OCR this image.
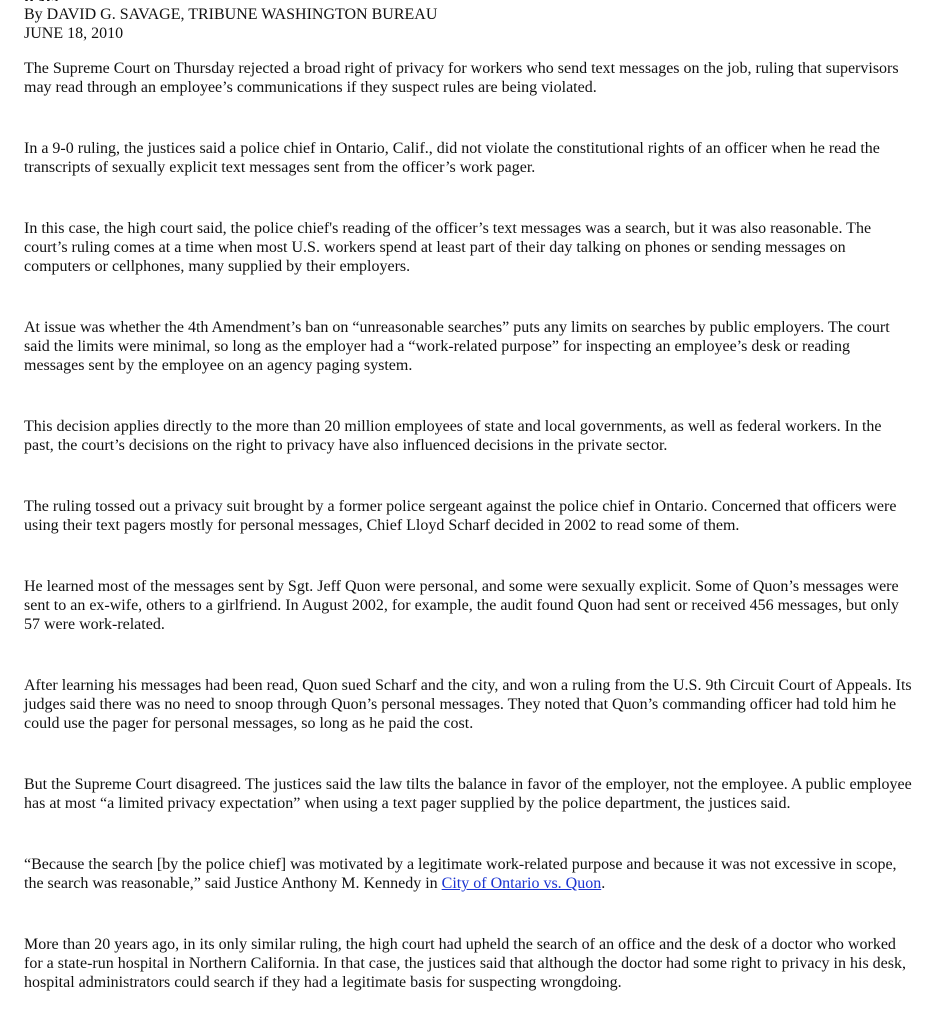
By DAVID G. SAVAGE, TRIBUNE WASHINGTON BUREAU

JUNE 18, 2010

The Supreme Court on Thursday rejected a broad right of privacy for workers who send text messages on the job, ruling that supervisors may read through an employee’s communications if they suspect rules are being violated.

In a 9-0 ruling, the justices said a police chief in Ontario, Calif., did not violate the constitutional rights of an officer when he read the transcripts of sexually explicit text messages sent from the officer’s work pager.

In this case, the high court said, the police chief's reading of the officer’s text messages was a search, but it was also reasonable. The court’s ruling comes at a time when most U.S. workers spend at least part of their day talking on phones or sending messages on computers or cellphones, many supplied by their employers.

At issue was whether the 4th Amendment’s ban on “unreasonable searches” puts any limits on searches by public employers. The court said the limits were minimal, so long as the employer had a “work-related purpose” for inspecting an employee’s desk or reading messages sent by the employee on an agency paging system.

This decision applies directly to the more than 20 million employees of state and local governments, as well as federal workers. In the past, the court’s decisions on the right to privacy have also influenced decisions in the private sector.

The ruling tossed out a privacy suit brought by a former police sergeant against the police chief in Ontario. Concerned that officers were using their text pagers mostly for personal messages, Chief Lloyd Scharf decided in 2002 to read some of them.

He learned most of the messages sent by Sgt. Jeff Quon were personal, and some were sexually explicit. Some of Quon’s messages were sent to an ex-wife, others to a girlfriend. In August 2002, for example, the audit found Quon had sent or received 456 messages, but only 57 were work-related.

After learning his messages had been read, Quon sued Scharf and the city, and won a ruling from the U.S. 9th Circuit Court of Appeals. Its judges said there was no need to snoop through Quon’s personal messages. They noted that Quon’s commanding officer had told him he could use the pager for personal messages, so long as he paid the cost.

But the Supreme Court disagreed. The justices said the law tilts the balance in favor of the employer, not the employee. A public employee has at most “a limited privacy expectation” when using a text pager supplied by the police department, the justices said.

“Because the search [by the police chief] was motivated by a legitimate work-related purpose and because it was not excessive in scope, the search was reasonable,” said Justice Anthony M. Kennedy in City of Ontario vs. Quon.

More than 20 years ago, in its only similar ruling, the high court had upheld the search of an office and the desk of a doctor who worked for a state-run hospital in Northern California. In that case, the justices said that although the doctor had some right to privacy in his desk, hospital administrators could search if they had a legitimate basis for suspecting wrongdoing.
